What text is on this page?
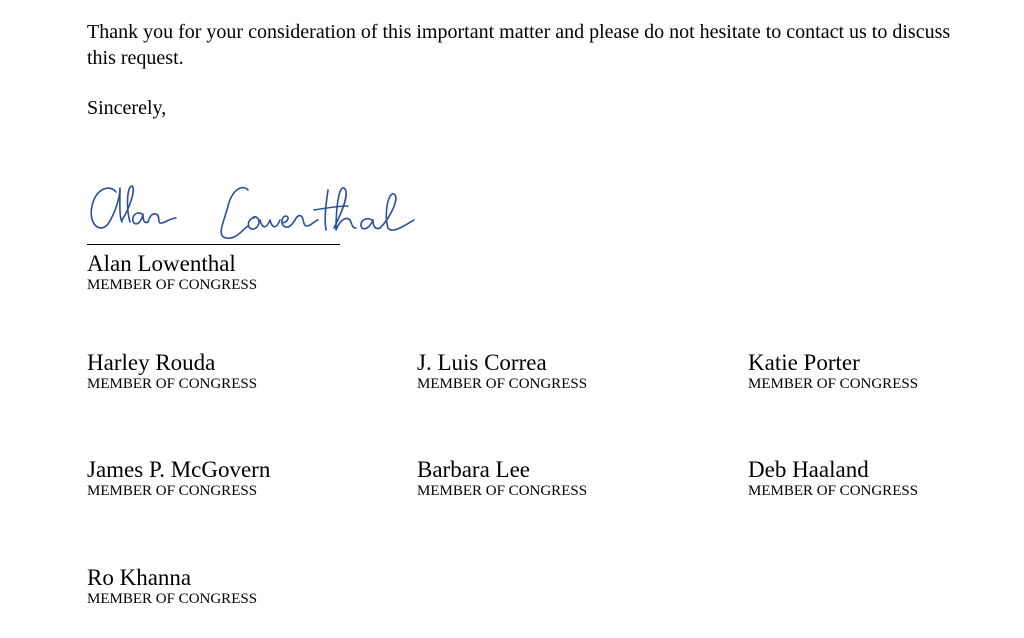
Thank you for your consideration of this important matter and please do not hesitate to contact us to discuss this request.

Sincerely,

Alan Lowenthal
MEMBER OF CONGRESS
Harley Rouda
MEMBER OF CONGRESS
J. Luis Correa
MEMBER OF CONGRESS
Katie Porter
MEMBER OF CONGRESS
James P. McGovern
MEMBER OF CONGRESS
Barbara Lee
MEMBER OF CONGRESS
Deb Haaland
MEMBER OF CONGRESS
Ro Khanna
MEMBER OF CONGRESS
